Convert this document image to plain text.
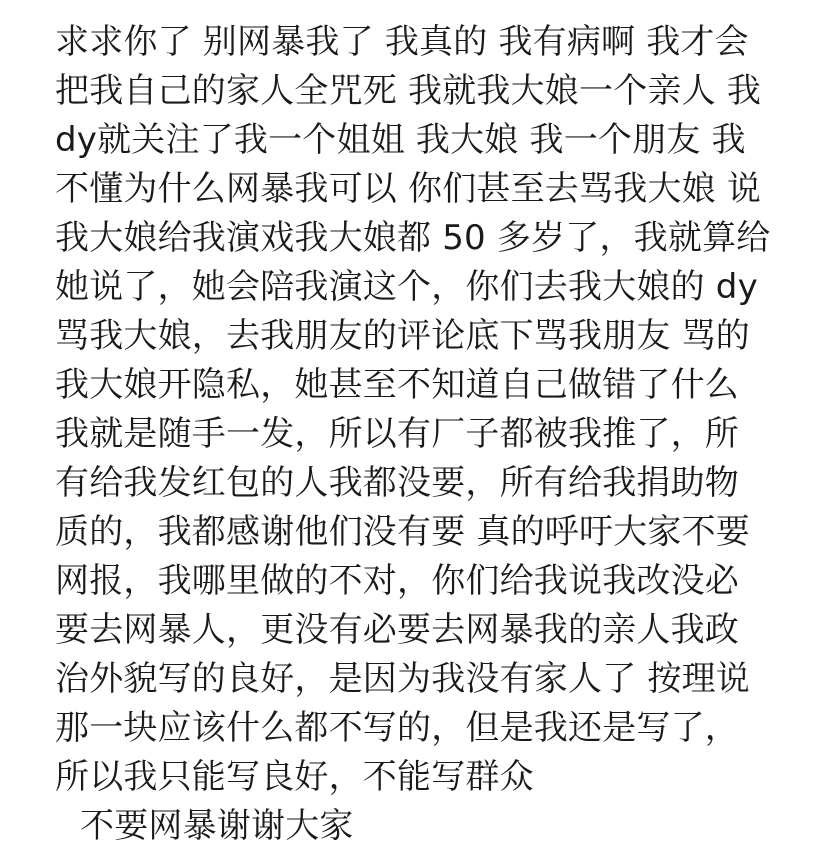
求求你了 别网暴我了 我真的 我有病啊 我才会
把我自己的家人全咒死 我就我大娘一个亲人 我
dy就关注了我一个姐姐 我大娘 我一个朋友 我
不懂为什么网暴我可以 你们甚至去骂我大娘 说
我大娘给我演戏我大娘都 50 多岁了，我就算给
她说了，她会陪我演这个，你们去我大娘的 dy
骂我大娘，去我朋友的评论底下骂我朋友 骂的
我大娘开隐私，她甚至不知道自己做错了什么
我就是随手一发，所以有厂子都被我推了，所
有给我发红包的人我都没要，所有给我捐助物
质的，我都感谢他们没有要 真的呼吁大家不要
网报，我哪里做的不对，你们给我说我改没必
要去网暴人，更没有必要去网暴我的亲人我政
治外貌写的良好，是因为我没有家人了 按理说
那一块应该什么都不写的，但是我还是写了，
所以我只能写良好，不能写群众
不要网暴谢谢大家
